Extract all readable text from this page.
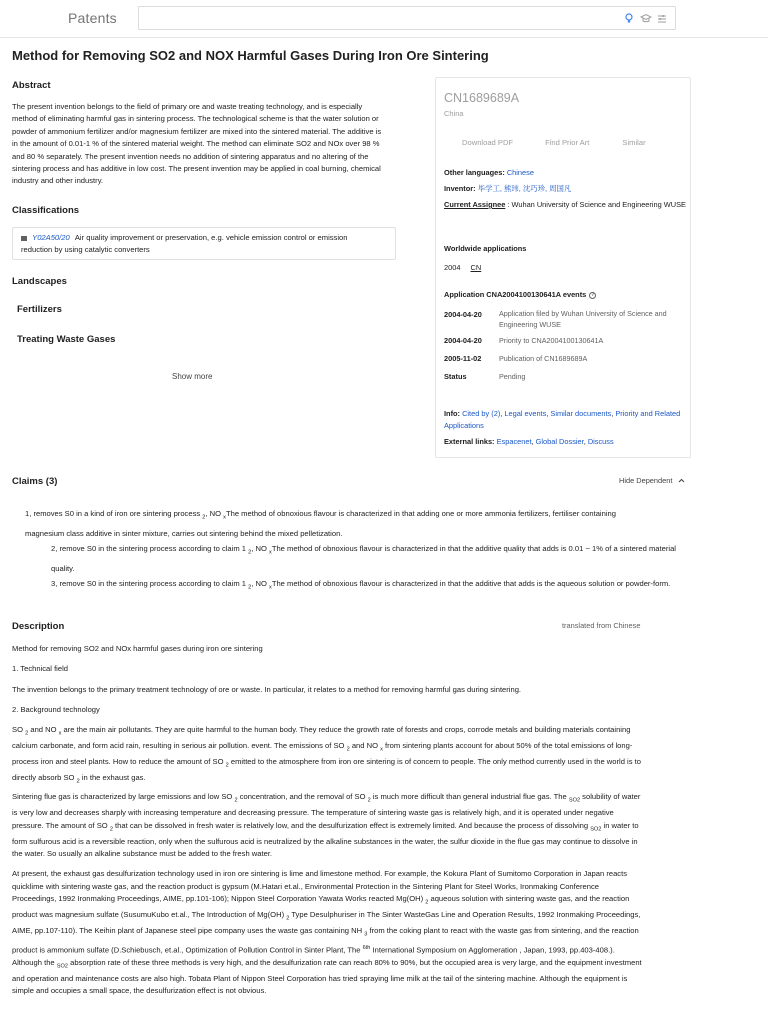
Patents
Method for Removing SO2 and NOX Harmful Gases During Iron Ore Sintering
Abstract
The present invention belongs to the field of primary ore and waste treating technology, and is especially method of eliminating harmful gas in sintering process. The technological scheme is that the water solution or powder of ammonium fertilizer and/or magnesium fertilizer are mixed into the sintered material. The additive is in the amount of 0.01-1 % of the sintered material weight. The method can eliminate SO2 and NOx over 98 % and 80 % separately. The present invention needs no addition of sintering apparatus and no altering of the sintering process and has additive in low cost. The present invention may be applied in coal burning, chemical industry and other industry.
Classifications
Y02A50/20 Air quality improvement or preservation, e.g. vehicle emission control or emission
reduction by using catalytic converters
Landscapes
Fertilizers
Treating Waste Gases
Show more
CN1689689A
China
Download PDF	Find Prior Art	Similar
Other languages: Chinese
Inventor: 毕学工, 熊玮, 沈巧珍, 周国凡
Current Assignee : Wuhan University of Science and Engineering WUSE
Worldwide applications
2004 CN
Application CNA2004100130641A events ?
2004-04-20 Application filed by Wuhan University of Science and Engineering WUSE
2004-04-20 Priority to CNA2004100130641A
2005-11-02 Publication of CN1689689A
Status	Pending
Info: Cited by (2), Legal events, Similar documents, Priority and Related Applications
External links: Espacenet, Global Dossier, Discuss
Claims (3)	Hide Dependent
1, removes S0 in a kind of iron ore sintering process $_2$, NO $_x$The method of obnoxious flavour is characterized in that adding one or more ammonia fertilizers, fertiliser containing magnesium class additive in sinter mixture, carries out sintering behind the mixed pelletization.
2, remove S0 in the sintering process according to claim 1 $_2$, NO $_x$The method of obnoxious flavour is characterized in that the additive quality that adds is 0.01 ~ 1% of a sintered material quality.
3, remove S0 in the sintering process according to claim 1 $_2$, NO $_x$The method of obnoxious flavour is characterized in that the additive that adds is the aqueous solution or powder-form.
Description	translated from Chinese
Method for removing SO2 and NOx harmful gases during iron ore sintering
1. Technical field
The invention belongs to the primary treatment technology of ore or waste. In particular, it relates to a method for removing harmful gas during sintering.
2. Background technology
SO $_2$ and NO $_x$ are the main air pollutants. They are quite harmful to the human body. They reduce the growth rate of forests and crops, corrode metals and building materials containing calcium carbonate, and form acid rain, resulting in serious air pollution. event. The emissions of SO $_2$ and NO $_x$ from sintering plants account for about 50% of the total emissions of long-process iron and steel plants. How to reduce the amount of SO $_2$ emitted to the atmosphere from iron ore sintering is of concern to people. The only method currently used in the world is to directly absorb SO $_2$ in the exhaust gas.
Sintering flue gas is characterized by large emissions and low SO $_2$ concentration, and the removal of SO $_2$ is much more difficult than general industrial flue gas. The $_{SO2}$ solubility of water is very low and decreases sharply with increasing temperature and decreasing pressure. The temperature of sintering waste gas is relatively high, and it is operated under negative pressure. The amount of SO $_2$ that can be dissolved in fresh water is relatively low, and the desulfurization effect is extremely limited. And because the process of dissolving $_{SO2}$ in water to form sulfurous acid is a reversible reaction, only when the sulfurous acid is neutralized by the alkaline substances in the water, the sulfur dioxide in the flue gas may continue to dissolve in the water. So usually an alkaline substance must be added to the fresh water.
At present, the exhaust gas desulfurization technology used in iron ore sintering is lime and limestone method. For example, the Kokura Plant of Sumitomo Corporation in Japan reacts quicklime with sintering waste gas, and the reaction product is gypsum (M.Hatari et.al., Environmental Protection in the Sintering Plant for Steel Works, Ironmaking Conference Proceedings, 1992 Ironmaking Proceedings, AIME, pp.101-106); Nippon Steel Corporation Yawata Works reacted Mg(OH) $_2$ aqueous solution with sintering waste gas, and the reaction product was magnesium sulfate (SusumuKubo et.al., The Introduction of Mg(OH) $_2$ Type Desulphuriser in The Sinter WasteGas Line and Operation Results, 1992 Ironmaking Proceedings, AIME, pp.107-110). The Keihin plant of Japanese steel pipe company uses the waste gas containing NH $_3$ from the coking plant to react with the waste gas from sintering, and the reaction product is ammonium sulfate (D.Schiebusch, et.al., Optimization of Pollution Control in Sinter Plant, The $^{6th}$ International Symposium on Agglomeration , Japan, 1993, pp.403-408.). Although the $_{SO2}$ absorption rate of these three methods is very high, and the desulfurization rate can reach 80% to 90%, but the occupied area is very large, and the equipment investment and operation and maintenance costs are also high. Tobata Plant of Nippon Steel Corporation has tried spraying lime milk at the tail of the sintering machine. Although the equipment is simple and occupies a small space, the desulfurization effect is not obvious.
